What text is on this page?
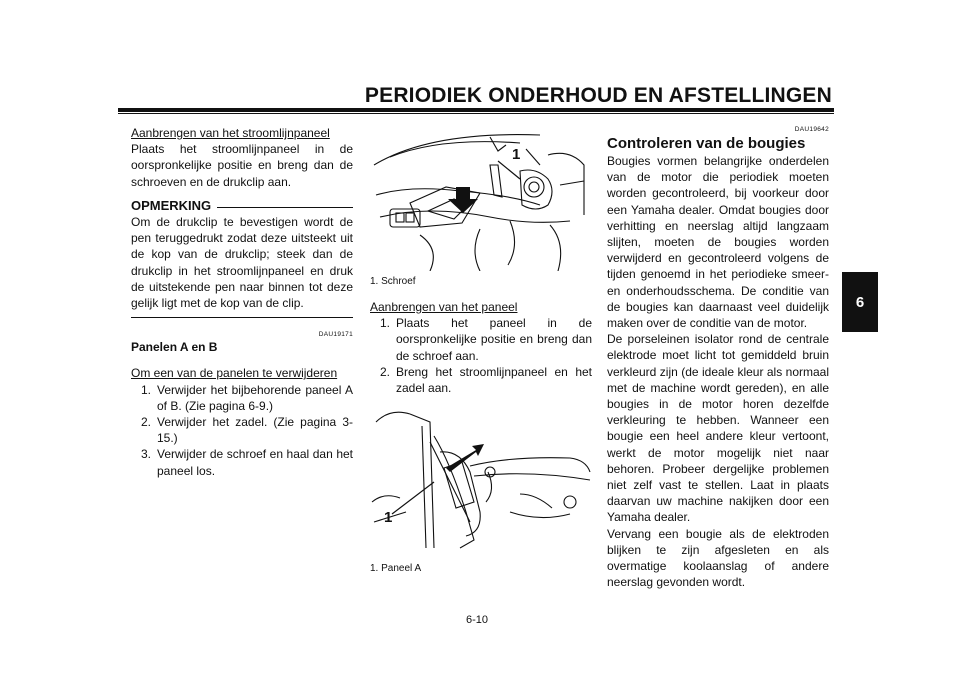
PERIODIEK ONDERHOUD EN AFSTELLINGEN
6

Aanbrengen van het stroomlijnpaneel

Plaats het stroomlijnpaneel in de oorspronkelijke positie en breng dan de schroeven en de drukclip aan.

OPMERKING

Om de drukclip te bevestigen wordt de pen teruggedrukt zodat deze uitsteekt uit de kop van de drukclip; steek dan de drukclip in het stroomlijnpaneel en druk de uitstekende pen naar binnen tot deze gelijk ligt met de kop van de clip.

DAU19171

Panelen A en B

Om een van de panelen te verwijderen

1. Verwijder het bijbehorende paneel A of B. (Zie pagina 6-9.)
2. Verwijder het zadel. (Zie pagina 3-15.)
3. Verwijder de schroef en haal dan het paneel los.
1
1. Schroef

Aanbrengen van het paneel

1. Plaats het paneel in de oorspronkelijke positie en breng dan de schroef aan.
2. Breng het stroomlijnpaneel en het zadel aan.
1
1. Paneel A
DAU19642

Controleren van de bougies

Bougies vormen belangrijke onderdelen van de motor die periodiek moeten worden gecontroleerd, bij voorkeur door een Yamaha dealer. Omdat bougies door verhitting en neerslag altijd langzaam slijten, moeten de bougies worden verwijderd en gecontroleerd volgens de tijden genoemd in het periodieke smeer- en onderhoudsschema. De conditie van de bougies kan daarnaast veel duidelijk maken over de conditie van de motor.

De porseleinen isolator rond de centrale elektrode moet licht tot gemiddeld bruin verkleurd zijn (de ideale kleur als normaal met de machine wordt gereden), en alle bougies in de motor horen dezelfde verkleuring te hebben. Wanneer een bougie een heel andere kleur vertoont, werkt de motor mogelijk niet naar behoren. Probeer dergelijke problemen niet zelf vast te stellen. Laat in plaats daarvan uw machine nakijken door een Yamaha dealer.

Vervang een bougie als de elektroden blijken te zijn afgesleten en als overmatige koolaanslag of andere neerslag gevonden wordt.

6-10
